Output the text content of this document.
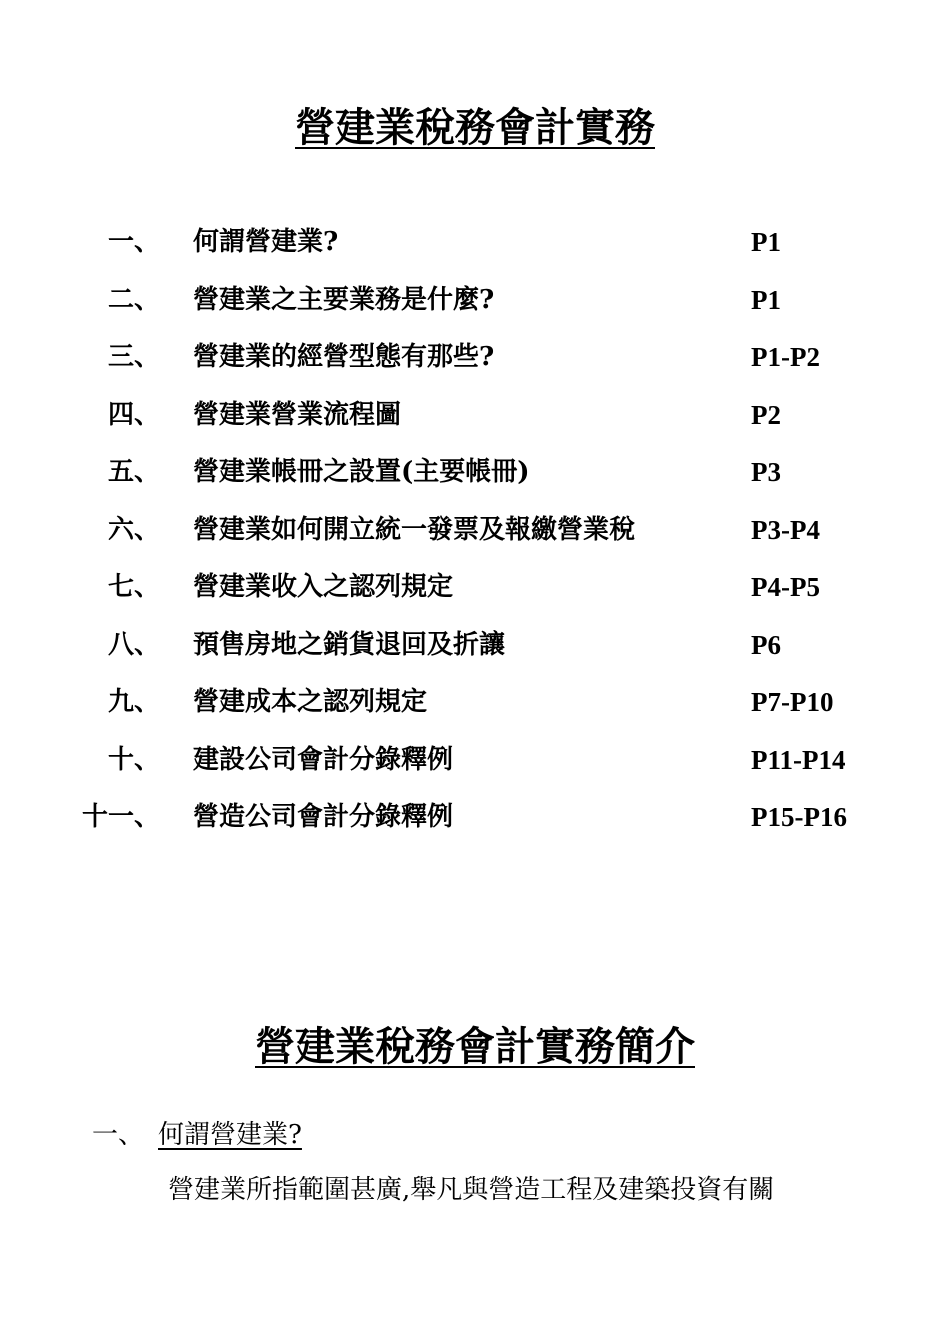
營建業稅務會計實務
一、 何謂營建業?	P1
二、 營建業之主要業務是什麼?	P1
三、 營建業的經營型態有那些?	P1-P2
四、 營建業營業流程圖	P2
五、 營建業帳冊之設置(主要帳冊)	P3
六、 營建業如何開立統一發票及報繳營業稅	P3-P4
七、 營建業收入之認列規定	P4-P5
八、 預售房地之銷貨退回及折讓	P6
九、 營建成本之認列規定	P7-P10
十、 建設公司會計分錄釋例	P11-P14
十一、 營造公司會計分錄釋例	P15-P16
營建業稅務會計實務簡介
一、 何謂營建業?
營建業所指範圍甚廣,舉凡與營造工程及建築投資有關
